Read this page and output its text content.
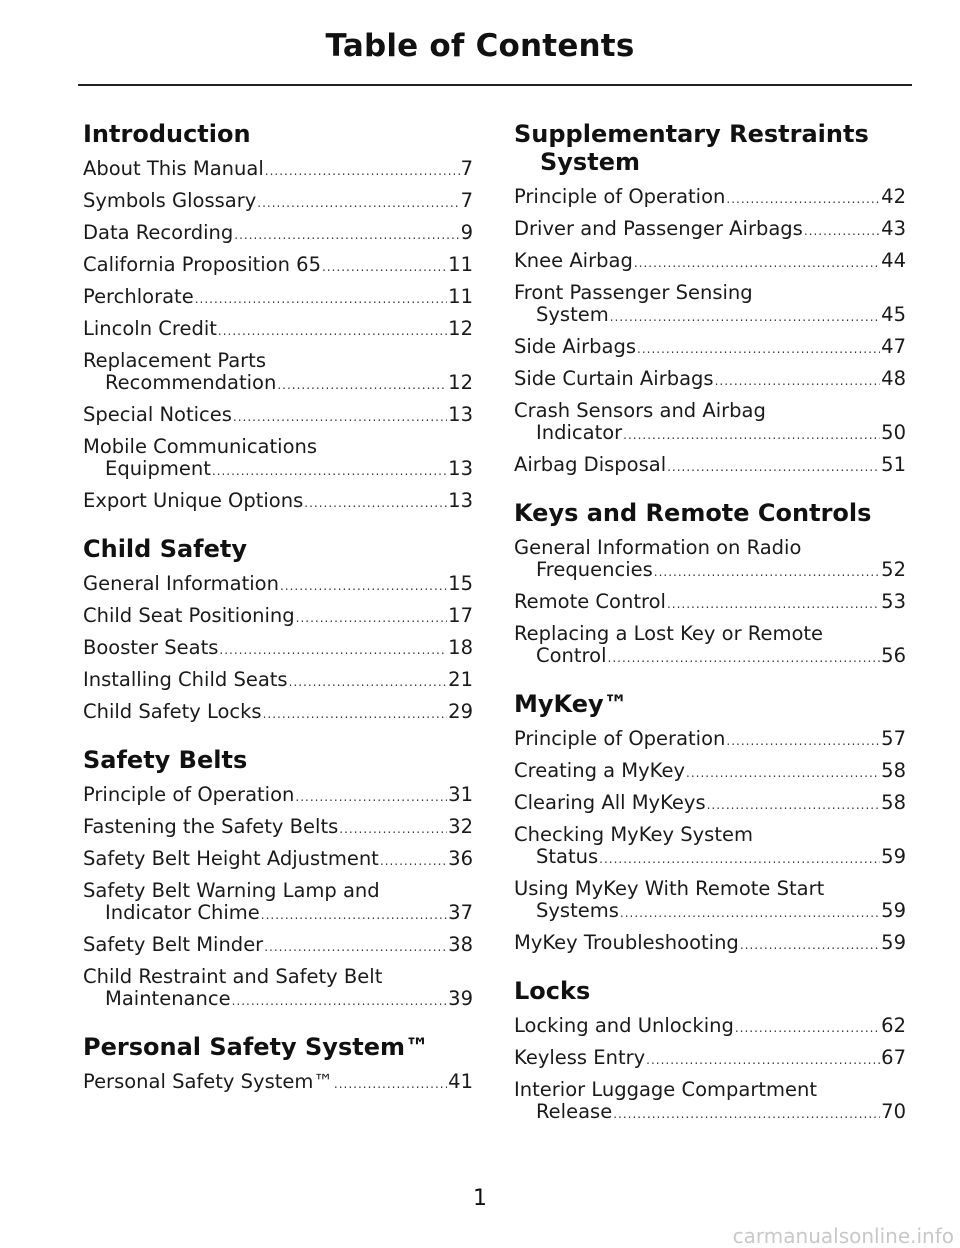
Table of Contents
Introduction
About This Manual .....	7
Symbols Glossary .....	7
Data Recording .....	9
California Proposition 65 .....	11
Perchlorate .....	11
Lincoln Credit .....	12
Replacement Parts
Recommendation .....	12
Special Notices .....	13
Mobile Communications
Equipment .....	13
Export Unique Options .....	13
Child Safety
General Information .....	15
Child Seat Positioning .....	17
Booster Seats .....	18
Installing Child Seats .....	21
Child Safety Locks .....	29
Safety Belts
Principle of Operation .....	31
Fastening the Safety Belts .....	32
Safety Belt Height Adjustment .....	36
Safety Belt Warning Lamp and
Indicator Chime .....	37
Safety Belt Minder .....	38
Child Restraint and Safety Belt
Maintenance .....	39
Personal Safety System™
Personal Safety System™ .....	41
Supplementary Restraints System
Principle of Operation .....	42
Driver and Passenger Airbags .....	43
Knee Airbag .....	44
Front Passenger Sensing
System .....	45
Side Airbags .....	47
Side Curtain Airbags .....	48
Crash Sensors and Airbag
Indicator .....	50
Airbag Disposal .....	51
Keys and Remote Controls
General Information on Radio
Frequencies .....	52
Remote Control .....	53
Replacing a Lost Key or Remote
Control .....	56
MyKey™
Principle of Operation .....	57
Creating a MyKey .....	58
Clearing All MyKeys .....	58
Checking MyKey System
Status .....	59
Using MyKey With Remote Start
Systems .....	59
MyKey Troubleshooting .....	59
Locks
Locking and Unlocking .....	62
Keyless Entry .....	67
Interior Luggage Compartment
Release .....	70
1
carmanualsonline.info
